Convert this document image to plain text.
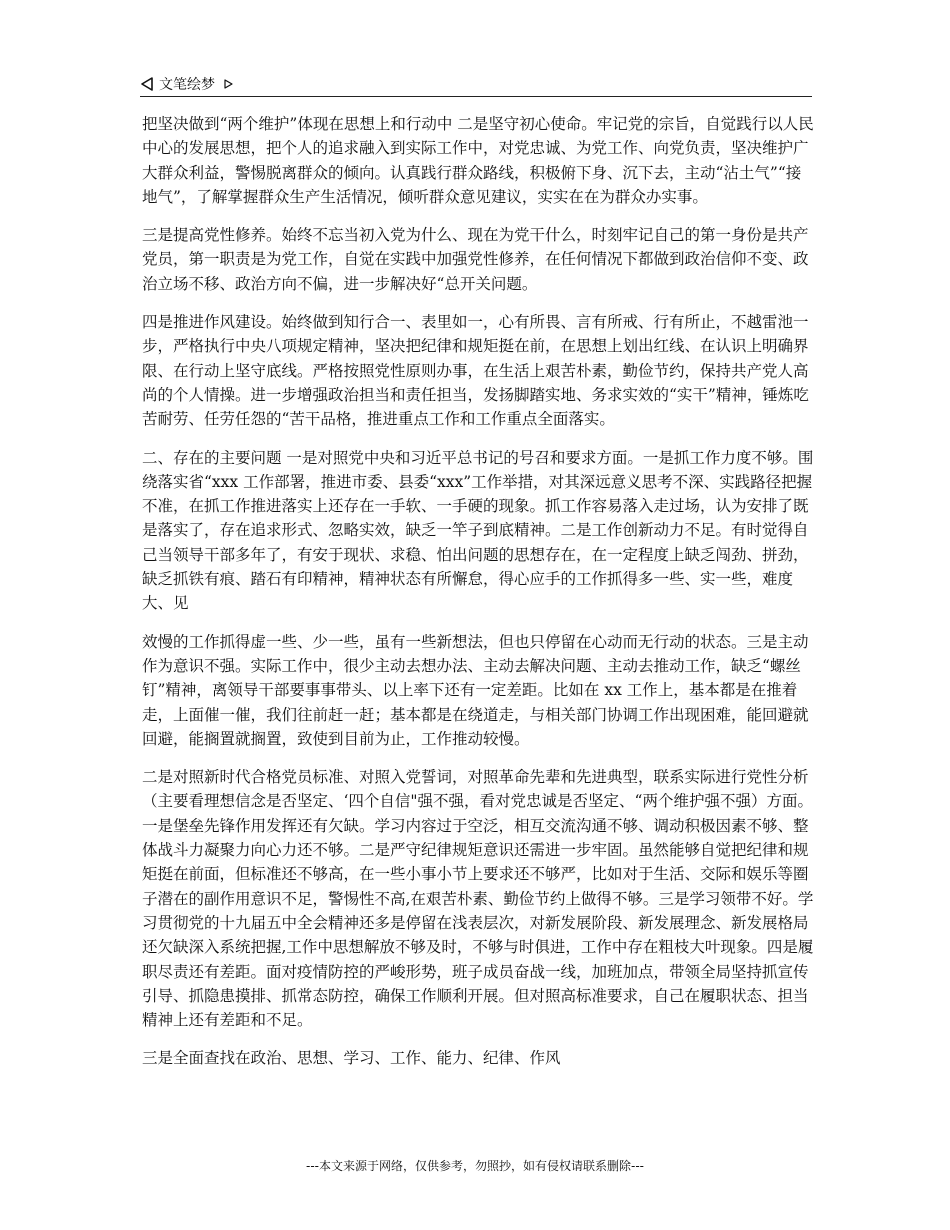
文笔绘梦

把坚决做到“两个维护”体现在思想上和行动中 二是坚守初心使命。牢记党的宗旨，自觉践行以人民中心的发展思想，把个人的追求融入到实际工作中，对党忠诚、为党工作、向党负责，坚决维护广大群众利益，警惕脱离群众的倾向。认真践行群众路线，积极俯下身、沉下去，主动“沾土气”“接地气”，了解掌握群众生产生活情况，倾听群众意见建议，实实在在为群众办实事。

三是提高党性修养。始终不忘当初入党为什么、现在为党干什么，时刻牢记自己的第一身份是共产党员，第一职责是为党工作，自觉在实践中加强党性修养，在任何情况下都做到政治信仰不变、政治立场不移、政治方向不偏，进一步解决好“总开关问题。

四是推进作风建设。始终做到知行合一、表里如一，心有所畏、言有所戒、行有所止，不越雷池一步，严格执行中央八项规定精神，坚决把纪律和规矩挺在前，在思想上划出红线、在认识上明确界限、在行动上坚守底线。严格按照党性原则办事，在生活上艰苦朴素，勤俭节约，保持共产党人高尚的个人情操。进一步增强政治担当和责任担当，发扬脚踏实地、务求实效的“实干”精神，锤炼吃苦耐劳、任劳任怨的“苦干品格，推进重点工作和工作重点全面落实。

二、存在的主要问题 一是对照党中央和习近平总书记的号召和要求方面。一是抓工作力度不够。围绕落实省“xxx 工作部署，推进市委、县委“xxx”工作举措，对其深远意义思考不深、实践路径把握不准，在抓工作推进落实上还存在一手软、一手硬的现象。抓工作容易落入走过场，认为安排了既是落实了，存在追求形式、忽略实效，缺乏一竿子到底精神。二是工作创新动力不足。有时觉得自己当领导干部多年了，有安于现状、求稳、怕出问题的思想存在，在一定程度上缺乏闯劲、拼劲，缺乏抓铁有痕、踏石有印精神，精神状态有所懈怠，得心应手的工作抓得多一些、实一些，难度大、见

效慢的工作抓得虚一些、少一些，虽有一些新想法，但也只停留在心动而无行动的状态。三是主动作为意识不强。实际工作中，很少主动去想办法、主动去解决问题、主动去推动工作，缺乏“螺丝钉”精神，离领导干部要事事带头、以上率下还有一定差距。比如在 xx 工作上，基本都是在推着走，上面催一催，我们往前赶一赶；基本都是在绕道走，与相关部门协调工作出现困难，能回避就回避，能搁置就搁置，致使到目前为止，工作推动较慢。

二是对照新时代合格党员标准、对照入党誓词，对照革命先辈和先进典型，联系实际进行党性分析（主要看理想信念是否坚定、‘四个自信"强不强，看对党忠诚是否坚定、“两个维护强不强）方面。一是堡垒先锋作用发挥还有欠缺。学习内容过于空泛，相互交流沟通不够、调动积极因素不够、整体战斗力凝聚力向心力还不够。二是严守纪律规矩意识还需进一步牢固。虽然能够自觉把纪律和规矩挺在前面，但标准还不够高，在一些小事小节上要求还不够严，比如对于生活、交际和娱乐等圈子潜在的副作用意识不足，警惕性不高,在艰苦朴素、勤俭节约上做得不够。三是学习领带不好。学习贯彻党的十九届五中全会精神还多是停留在浅表层次，对新发展阶段、新发展理念、新发展格局还欠缺深入系统把握,工作中思想解放不够及时，不够与时俱进，工作中存在粗枝大叶现象。四是履职尽责还有差距。面对疫情防控的严峻形势，班子成员奋战一线，加班加点，带领全局坚持抓宣传引导、抓隐患摸排、抓常态防控，确保工作顺利开展。但对照高标准要求，自己在履职状态、担当精神上还有差距和不足。

三是全面查找在政治、思想、学习、工作、能力、纪律、作风

---本文来源于网络，仅供参考，勿照抄，如有侵权请联系删除---
